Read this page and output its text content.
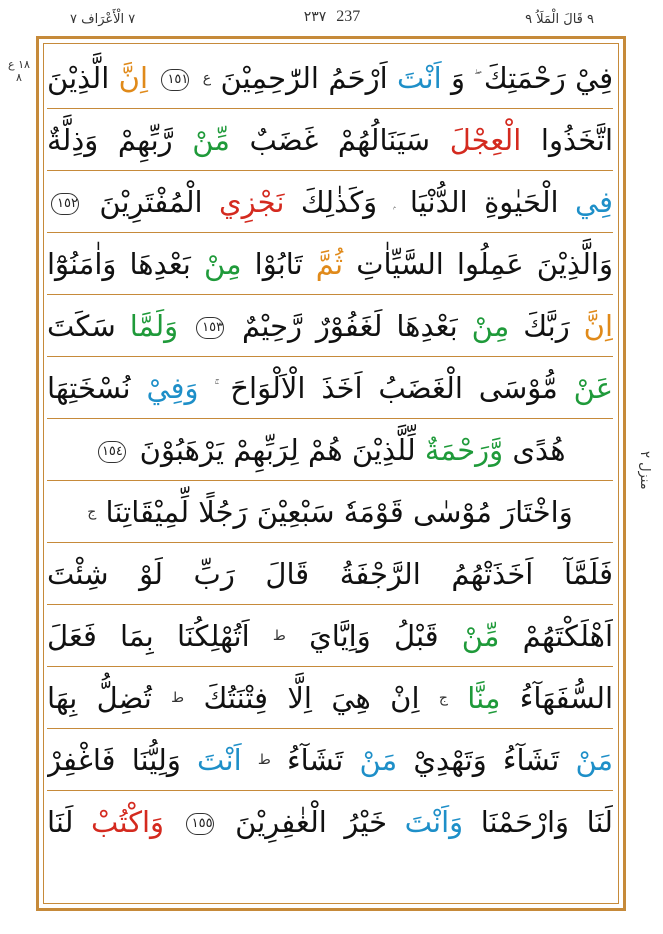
٧ الْأَعْرَاف ٧	٢٣٧ 237	٩ قَالَ الْمَلَاُ ٩
١٨ ع ٨
منزل ٢
فِيْ رَحْمَتِكَ وَ اَنْتَ اَرْحَمُ الرّٰحِمِيْنَ $^ع$ ١٥١ اِنَّ الَّذِيْنَ
اتَّخَذُوا الْعِجْلَ سَيَنَالُهُمْ غَضَبٌ مِّنْ رَّبِّهِمْ وَذِلَّةٌ
فِي الْحَيٰوةِ الدُّنْيَا وَكَذٰلِكَ نَجْزِي الْمُفْتَرِيْنَ ١٥٢
وَالَّذِيْنَ عَمِلُوا السَّيِّاٰتِ ثُمَّ تَابُوْا مِنْ بَعْدِهَا وَاٰمَنُوْٓا
اِنَّ رَبَّكَ مِنْ بَعْدِهَا لَغَفُوْرٌ رَّحِيْمٌ ١٥٣ وَلَمَّا سَكَتَ
عَنْ مُّوْسَى الْغَضَبُ اَخَذَ الْاَلْوَاحَ وَفِيْ نُسْخَتِهَا
هُدًى وَّرَحْمَةٌ لِّلَّذِيْنَ هُمْ لِرَبِّهِمْ يَرْهَبُوْنَ ١٥٤
وَاخْتَارَ مُوْسٰى قَوْمَهٗ سَبْعِيْنَ رَجُلًا لِّمِيْقَاتِنَا $^ج$
فَلَمَّآ اَخَذَتْهُمُ الرَّجْفَةُ قَالَ رَبِّ لَوْ شِئْتَ
اَهْلَكْتَهُمْ مِّنْ قَبْلُ وَاِيَّايَ $^ط$ اَتُهْلِكُنَا بِمَا فَعَلَ
السُّفَهَآءُ مِنَّا $^ج$ اِنْ هِيَ اِلَّا فِتْنَتُكَ $^ط$ تُضِلُّ بِهَا
مَنْ تَشَآءُ وَتَهْدِيْ مَنْ تَشَآءُ $^ط$ اَنْتَ وَلِيُّنَا فَاغْفِرْ
لَنَا وَارْحَمْنَا وَاَنْتَ خَيْرُ الْغٰفِرِيْنَ ١٥٥ وَاكْتُبْ لَنَا
